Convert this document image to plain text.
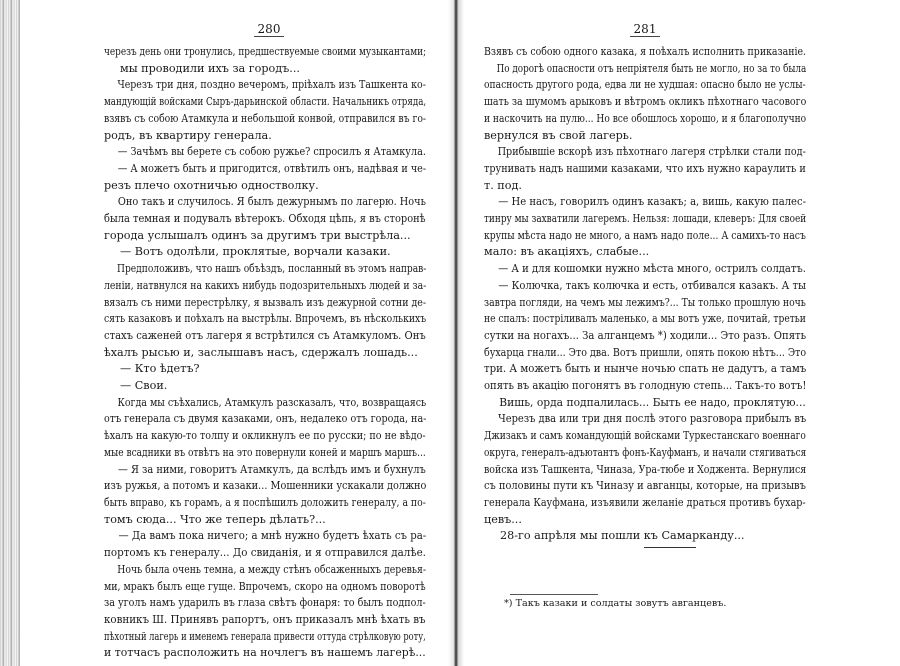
280
черезъ день они тронулись, предшествуемые своими музыкантами;
мы проводили ихъ за городъ...
Черезъ три дня, поздно вечеромъ, пріѣхалъ изъ Ташкента ко-
мандующій войсками Сыръ-дарьинской области. Начальникъ отряда,
взявъ съ собою Атамкула и небольшой конвой, отправился въ го-
родъ, въ квартиру генерала.
— Зачѣмъ вы берете съ собою ружье? спросилъ я Атамкула.
— А можетъ быть и пригодится, отвѣтилъ онъ, надѣвая и че-
резъ плечо охотничью одностволку.
Оно такъ и случилось. Я былъ дежурнымъ по лагерю. Ночь
была темная и подувалъ вѣтерокъ. Обходя цѣпь, я въ сторонѣ
города услышалъ одинъ за другимъ три выстрѣла...
— Вотъ одолѣли, проклятые, ворчали казаки.
Предположивъ, что нашъ объѣздъ, посланный въ этомъ направ-
леніи, натвнулся на какихъ нибудь подозрительныхъ людей и за-
вязалъ съ ними перестрѣлку, я вызвалъ изъ дежурной сотни де-
сять казаковъ и поѣхалъ на выстрѣлы. Впрочемъ, въ нѣсколькихъ
стахъ саженей отъ лагеря я встрѣтился съ Атамкуломъ. Онъ
ѣхалъ рысью и, заслышавъ насъ, сдержалъ лошадь...
— Кто ѣдетъ?
— Свои.
Когда мы съѣхались, Атамкулъ разсказалъ, что, возвращаясь
отъ генерала съ двумя казаками, онъ, недалеко отъ города, на-
ѣхалъ на какую-то толпу и окликнулъ ее по русски; по не вѣдо-
мые всадники въ отвѣтъ на это повернули коней и маршъ маршъ...
— Я за ними, говоритъ Атамкулъ, да вслѣдъ имъ и бухнулъ
изъ ружья, а потомъ и казаки... Мошенники ускакали должно
быть вправо, къ горамъ, а я поспѣшилъ доложить генералу, а по-
томъ сюда... Что же теперь дѣлать?...
— Да вамъ пока ничего; а мнѣ нужно будетъ ѣхать съ ра-
портомъ къ генералу... До свиданія, и я отправился далѣе.
Ночь была очень темна, а между стѣнъ обсаженныхъ деревья-
ми, мракъ былъ еще гуще. Впрочемъ, скоро на одномъ поворотѣ
за уголъ намъ ударилъ въ глаза свѣтъ фонаря: то былъ подпол-
ковникъ Ш. Принявъ рапортъ, онъ приказалъ мнѣ ѣхать въ
пѣхотный лагерь и именемъ генерала привести оттуда стрѣлковую роту,
и тотчасъ расположить на ночлегъ въ нашемъ лагерѣ...
281
Взявъ съ собою одного казака, я поѣхалъ исполнить приказаніе.
По дорогѣ опасности отъ непріятеля быть не могло, но за то была
опасность другого рода, едва ли не худшая: опасно было не услы-
шать за шумомъ арыковъ и вѣтромъ окликъ пѣхотнаго часового
и наскочить на пулю... Но все обошлось хорошо, и я благополучно
вернулся въ свой лагерь.
Прибывшіе вскорѣ изъ пѣхотнаго лагеря стрѣлки стали под-
трунивать надъ нашими казаками, что ихъ нужно караулить и
т. под.
— Не насъ, говорилъ одинъ казакъ; а, вишь, какую палес-
тинру мы захватили лагеремъ. Нельзя: лошади, клеверъ: Для своей
крупы мѣста надо не много, а намъ надо поле... А самихъ-то насъ
мало: въ акаціяхъ, слабые...
— А и для кошомки нужно мѣста много, острилъ солдатъ.
— Колючка, такъ колючка и есть, отбивался казакъ. А ты
завтра погляди, на чемъ мы лежимъ?... Ты только прошлую ночь
не спалъ: постріливалъ маленько, а мы вотъ уже, почитай, третьи
сутки на ногахъ... За алганцемъ *) ходили... Это разъ. Опять
бухарца гнали... Это два. Вотъ пришли, опять покою нѣтъ... Это
три. А можетъ быть и нынче ночью спать не дадутъ, а тамъ
опять въ акацію погонятъ въ голодную степь... Такъ-то вотъ!
Вишь, орда подпалилась... Быть ее надо, проклятую...
Черезъ два или три дня послѣ этого разговора прибылъ въ
Джизакъ и самъ командующій войсками Туркестанскаго военнаго
округа, генералъ-адъютантъ фонъ-Кауфманъ, и начали стягиваться
войска изъ Ташкента, Чиназа, Ура-тюбе и Ходжента. Вернулися
съ половины пути къ Чиназу и авганцы, которые, на призывъ
генерала Кауфмана, изъявили желаніе драться противъ бухар-
цевъ...
28-го апрѣля мы пошли къ Самарканду...
*) Такъ казаки и солдаты зовутъ авганцевъ.
